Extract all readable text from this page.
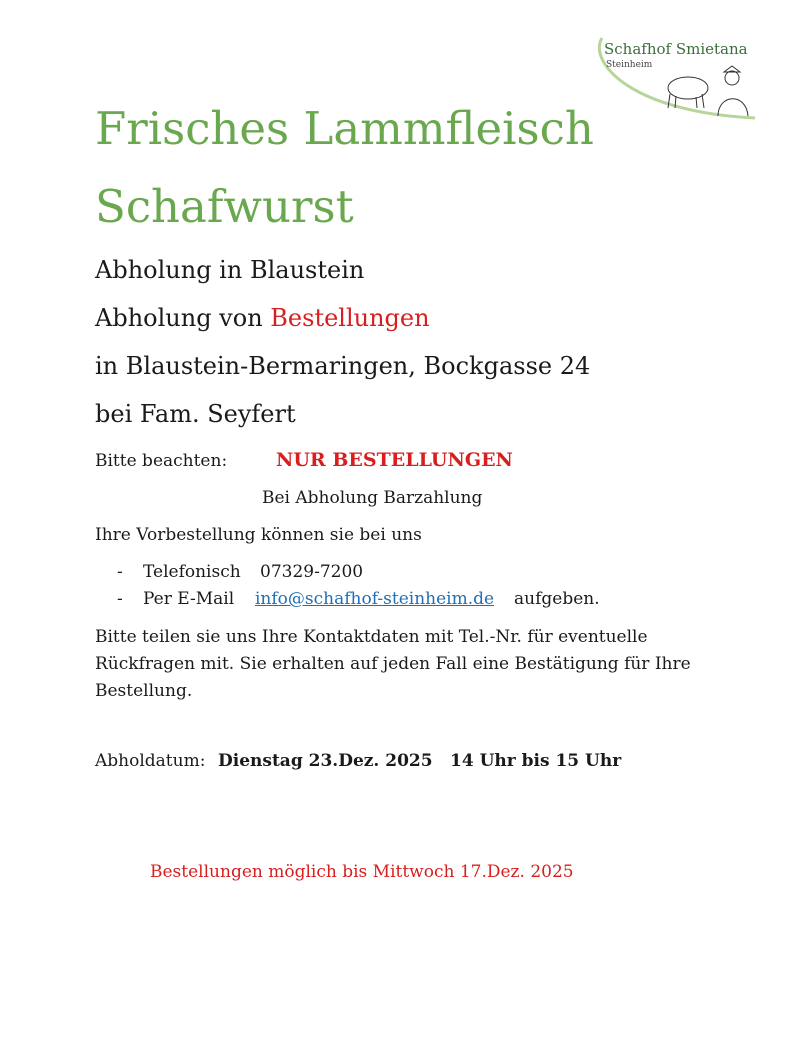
Schafhof Smietana
Steinheim
Frisches Lammfleisch
Schafwurst
Abholung in Blaustein
Abholung von Bestellungen
in Blaustein-Bermaringen, Bockgasse 24
bei Fam. Seyfert
Bitte beachten:	NUR BESTELLUNGEN
Bei Abholung Barzahlung
Ihre Vorbestellung können sie bei uns
- Telefonisch 07329-7200
- Per E-Mail info@schafhof-steinheim.de aufgeben.
Bitte teilen sie uns Ihre Kontaktdaten mit Tel.-Nr. für eventuelle Rückfragen mit. Sie erhalten auf jeden Fall eine Bestätigung für Ihre Bestellung.
Abholdatum: Dienstag 23.Dez. 2025 14 Uhr bis 15 Uhr
Bestellungen möglich bis Mittwoch 17.Dez. 2025
